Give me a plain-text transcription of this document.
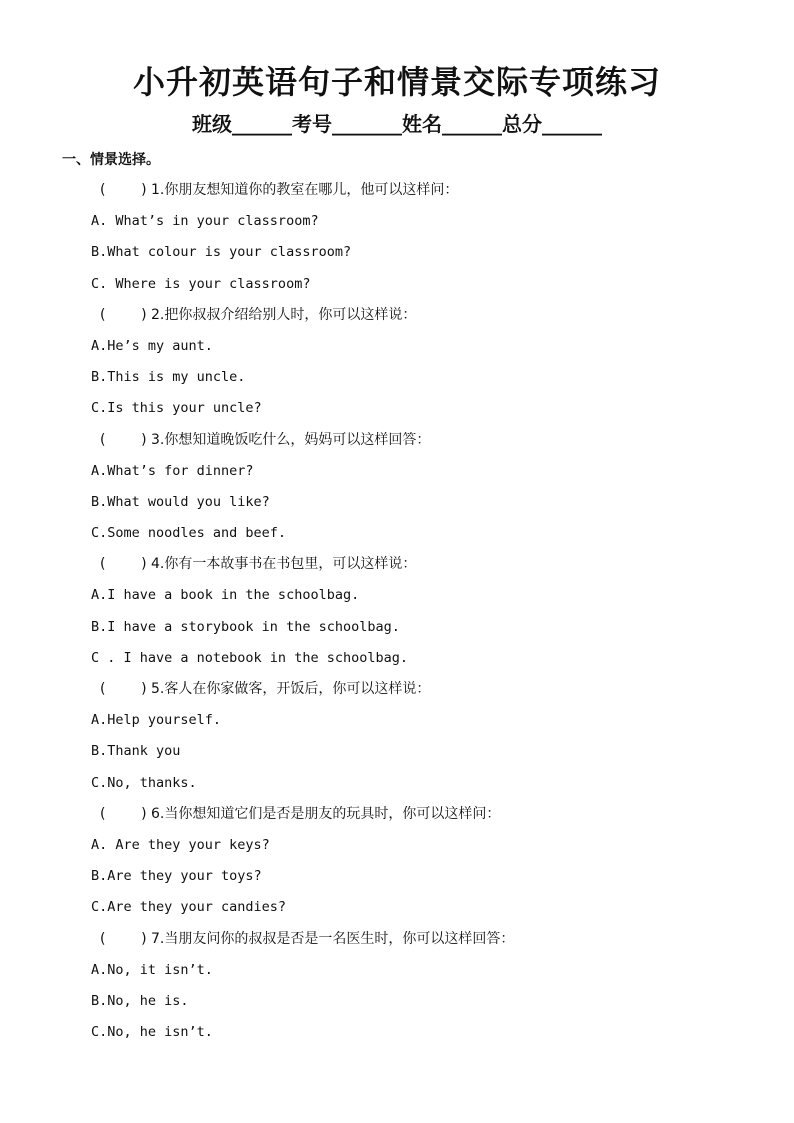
小升初英语句子和情景交际专项练习
班级______考号_______姓名______总分______
一、情景选择。
(        ) 1.你朋友想知道你的教室在哪儿，他可以这样问：
A. What’s in your classroom?
B.What colour is your classroom?
C. Where is your classroom?
(        ) 2.把你叔叔介绍给别人时，你可以这样说：
A.He’s my aunt.
B.This is my uncle.
C.Is this your uncle?
(        ) 3.你想知道晚饭吃什么，妈妈可以这样回答：
A.What’s for dinner?
B.What would you like?
C.Some noodles and beef.
(        ) 4.你有一本故事书在书包里，可以这样说：
A.I have a book in the schoolbag.
B.I have a storybook in the schoolbag.
C . I have a notebook in the schoolbag.
(        ) 5.客人在你家做客，开饭后，你可以这样说：
A.Help yourself.
B.Thank you
C.No, thanks.
(        ) 6.当你想知道它们是否是朋友的玩具时，你可以这样问：
A. Are they your keys?
B.Are they your toys?
C.Are they your candies?
(        ) 7.当朋友问你的叔叔是否是一名医生时，你可以这样回答：
A.No, it isn’t.
B.No, he is.
C.No, he isn’t.
